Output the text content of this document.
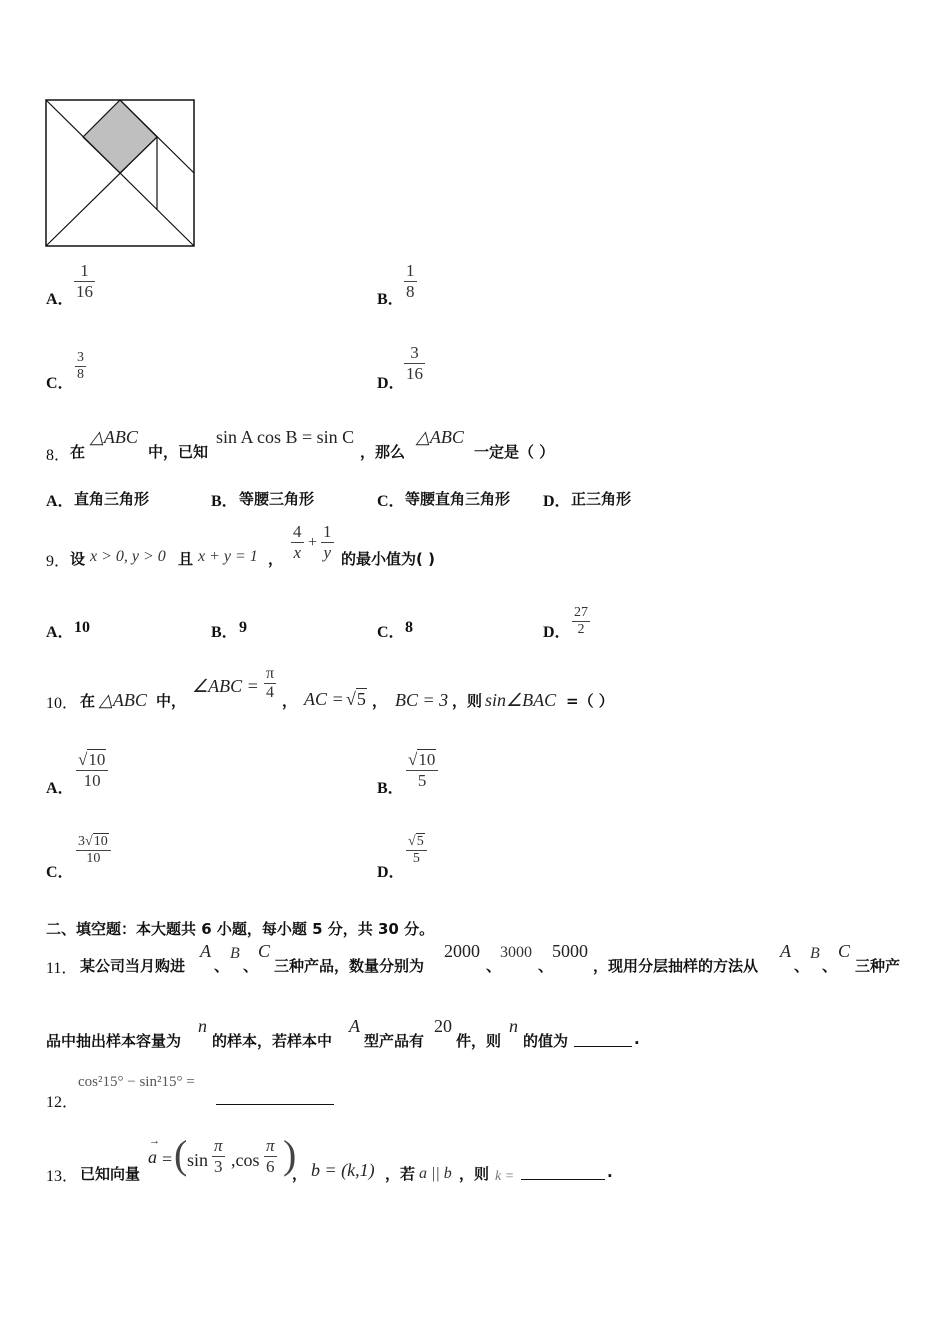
A．
1
16	B．
1
8
C．
3
8
D．
3
16
8． 在
△ABC
中，已知
sin A cos B = sin C
，那么
△ABC
一定是（ ）
A． 直角三角形	B． 等腰三角形	C． 等腰直角三角形 D． 正三角形
9． 设 x > 0, y > 0 且 x + y = 1 ，
4
x
+
1
y 的最小值为( )
A． 10	B． 9	C． 8	D．
27
2
10． 在 △ABC 中，
∠ABC =
π
4 ， AC = √5 ， BC = 3 ，则 sin∠BAC =（ ）
A．
√10
10	B．
√10
5
C．
3√10
10
D．
√5
5
二、填空题：本大题共 6 小题，每小题 5 分，共 30 分。
11． 某公司当月购进
A
、
B
、
C
三种产品，数量分别为
2000
、
3000
、
5000
，现用分层抽样的方法从
A
、
B
、
C
三种产
品中抽出样本容量为
n
的样本，若样本中
A
型产品有
20
件，则
n
的值为	.
12．
cos²15° − sin²15° =
13． 已知向量
→
a = ( sin
π
3 ,cos
π
6 )
， b = (k,1) ，若 a || b ，则 k =	.
